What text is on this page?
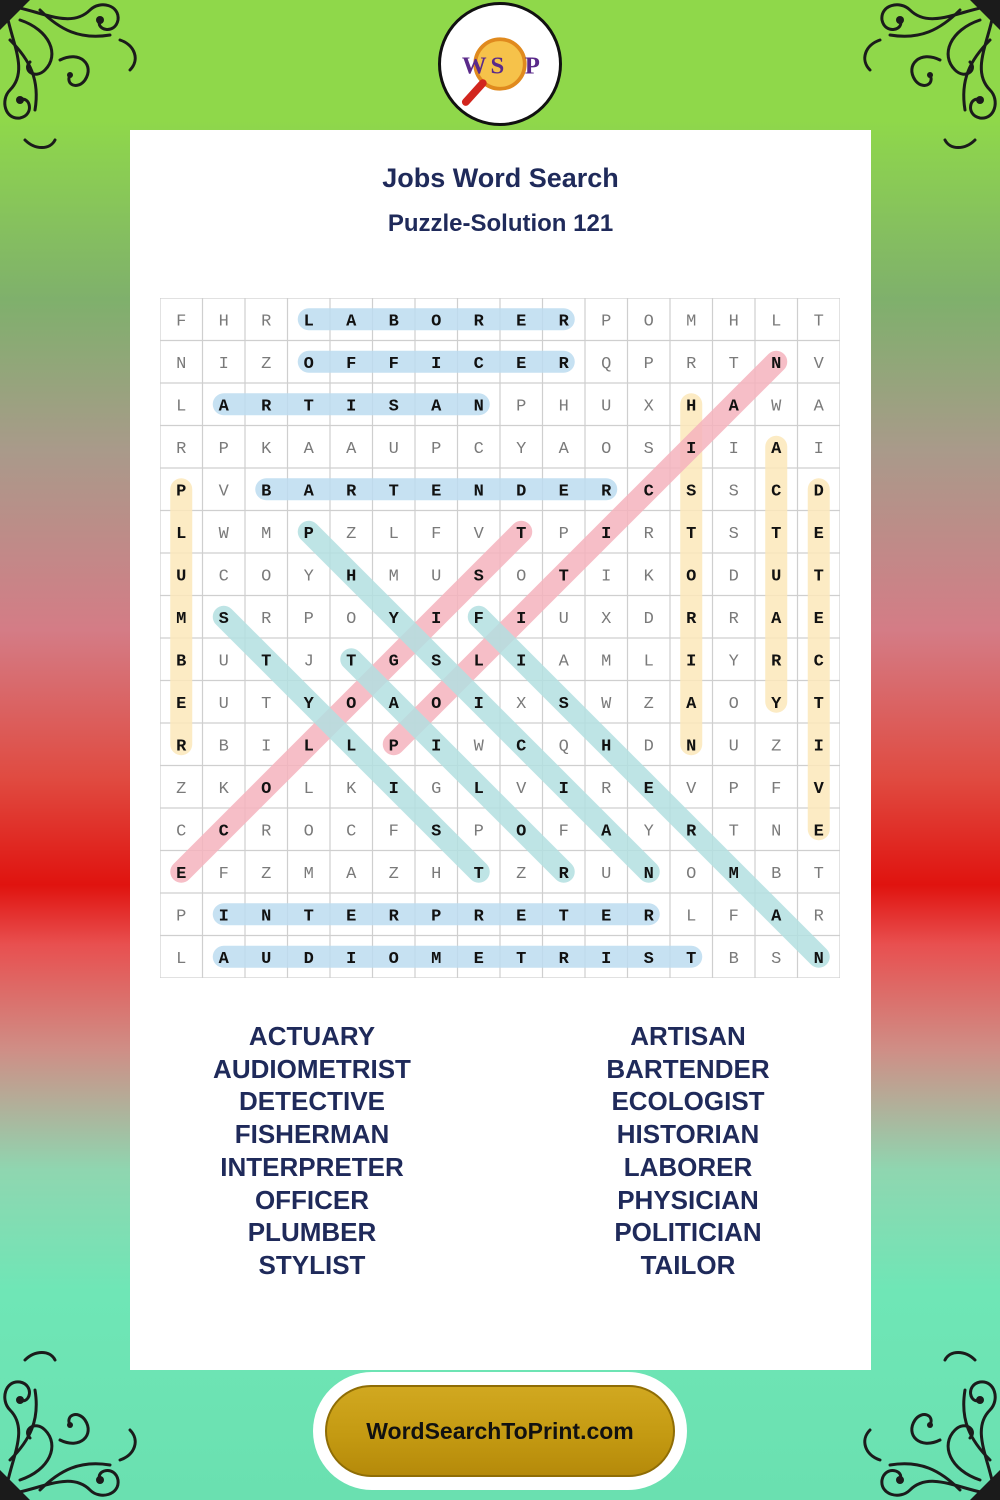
W S P
Jobs Word Search
Puzzle-Solution 121
F H R L A B O R E R P O M H L T
N I Z O F F I C E R Q P R T N V
L A R T I S A N P H U X H A W A
R P K A A U P C Y A O S I I A I
P V B A R T E N D E R C S S C D
L W M P Z L F V T P I R T S T E
U C O Y H M U S O T I K O D U T
M S R P O Y I F I U X D R R A E
B U T J T G S L I A M L I Y R C
E U T Y O A O I X S W Z A O Y T
R B I L L P I W C Q H D N U Z I
Z K O L K I G L V I R E V P F V
C C R O C F S P O F A Y R T N E
E F Z M A Z H T Z R U N O M B T
P I N T E R P R E T E R L F A R
L A U D I O M E T R I S T B S N
ACTUARY
AUDIOMETRIST
DETECTIVE
FISHERMAN
INTERPRETER
OFFICER
PLUMBER
STYLIST
ARTISAN
BARTENDER
ECOLOGIST
HISTORIAN
LABORER
PHYSICIAN
POLITICIAN
TAILOR
WordSearchToPrint.com
